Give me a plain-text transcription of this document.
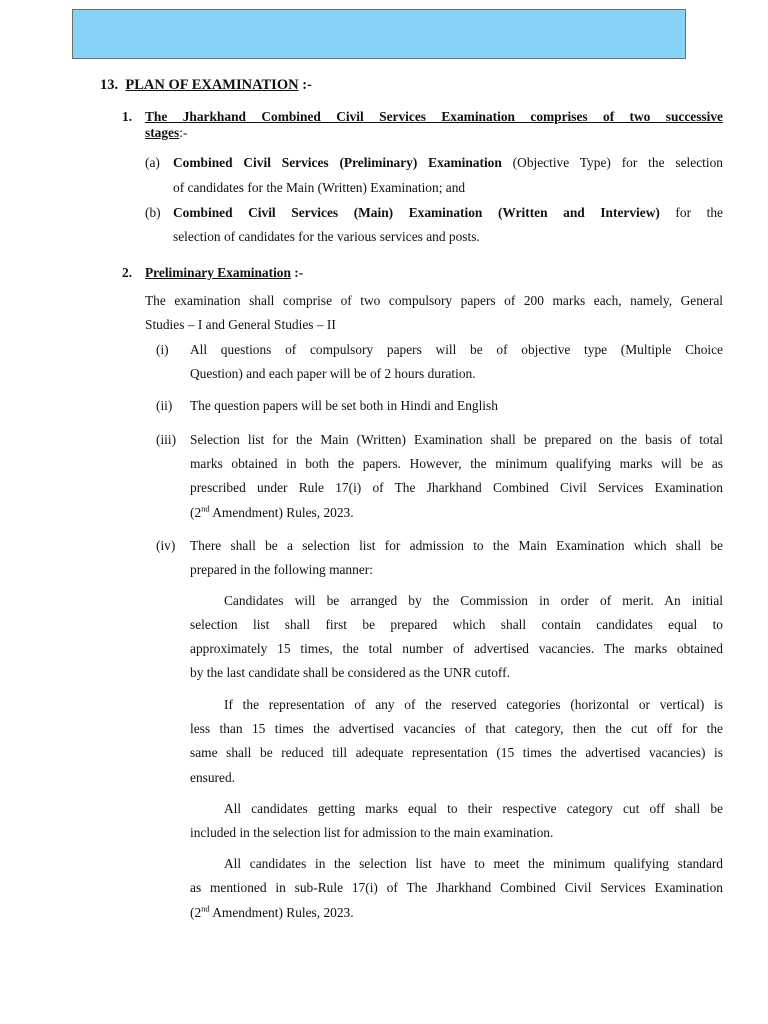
13. PLAN OF EXAMINATION :-
1. The Jharkhand Combined Civil Services Examination comprises of two successive
stages:-
(a) Combined Civil Services (Preliminary) Examination (Objective Type) for the selection
of candidates for the Main (Written) Examination; and
(b) Combined Civil Services (Main) Examination (Written and Interview) for the
selection of candidates for the various services and posts.
2. Preliminary Examination :-
The examination shall comprise of two compulsory papers of 200 marks each, namely, General
Studies – I and General Studies – II
(i) All questions of compulsory papers will be of objective type (Multiple Choice
Question) and each paper will be of 2 hours duration.
(ii) The question papers will be set both in Hindi and English
(iii) Selection list for the Main (Written) Examination shall be prepared on the basis of total
marks obtained in both the papers. However, the minimum qualifying marks will be as
prescribed under Rule 17(i) of The Jharkhand Combined Civil Services Examination
(2nd Amendment) Rules, 2023.
(iv) There shall be a selection list for admission to the Main Examination which shall be
prepared in the following manner:
Candidates will be arranged by the Commission in order of merit. An initial
selection list shall first be prepared which shall contain candidates equal to
approximately 15 times, the total number of advertised vacancies. The marks obtained
by the last candidate shall be considered as the UNR cutoff.
If the representation of any of the reserved categories (horizontal or vertical) is
less than 15 times the advertised vacancies of that category, then the cut off for the
same shall be reduced till adequate representation (15 times the advertised vacancies) is
ensured.
All candidates getting marks equal to their respective category cut off shall be
included in the selection list for admission to the main examination.
All candidates in the selection list have to meet the minimum qualifying standard
as mentioned in sub-Rule 17(i) of The Jharkhand Combined Civil Services Examination
(2nd Amendment) Rules, 2023.
